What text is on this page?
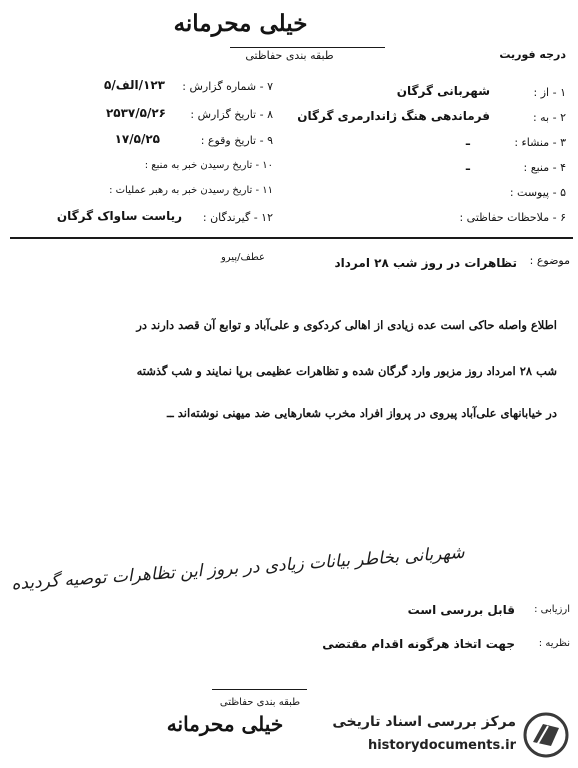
خیلی محرمانه
طبقه بندی حفاظتی	درجه فوریت
۱ - از :
شهربانی گرگان
۲ - به :
فرماندهی هنگ ژاندارمری گرگان
۳ - منشاء :
ـ
۴ - منبع :
ـ
۵ - پیوست :
۶ - ملاحظات حفاظتی :
۷ - شماره گزارش :
۱۲۳/الف/۵
۸ - تاریخ گزارش :
۲۵۳۷/۵/۲۶
۹ - تاریخ وقوع :
۱۷/۵/۲۵
۱۰ - تاریخ رسیدن خبر به منبع :
۱۱ - تاریخ رسیدن خبر به رهبر عملیات :
۱۲ - گیرندگان :
ریاست ساواک گرگان
موضوع :
تظاهرات در روز شب ۲۸ امرداد
عطف/پیرو
اطلاع واصله حاکی است عده زیادی از اهالی کردکوی و علی‌آباد و توابع آن قصد دارند در
شب ۲۸ امرداد روز مزبور وارد گرگان شده و تظاهرات عظیمی برپا نمایند و شب گذشته
در خیابانهای علی‌آباد پیروی در پرواز افراد مخرب شعارهایی ضد میهنی نوشته‌اند ــ
شهربانی بخاطر بیانات زیادی در بروز این تظاهرات توصیه گردیده
ارزیابی :
قابل بررسی است
نظریه :
جهت اتخاذ هرگونه اقدام مقتضی
طبقه بندی حفاظتی
خیلی محرمانه	مرکز بررسی اسناد تاریخی
historydocuments.ir
